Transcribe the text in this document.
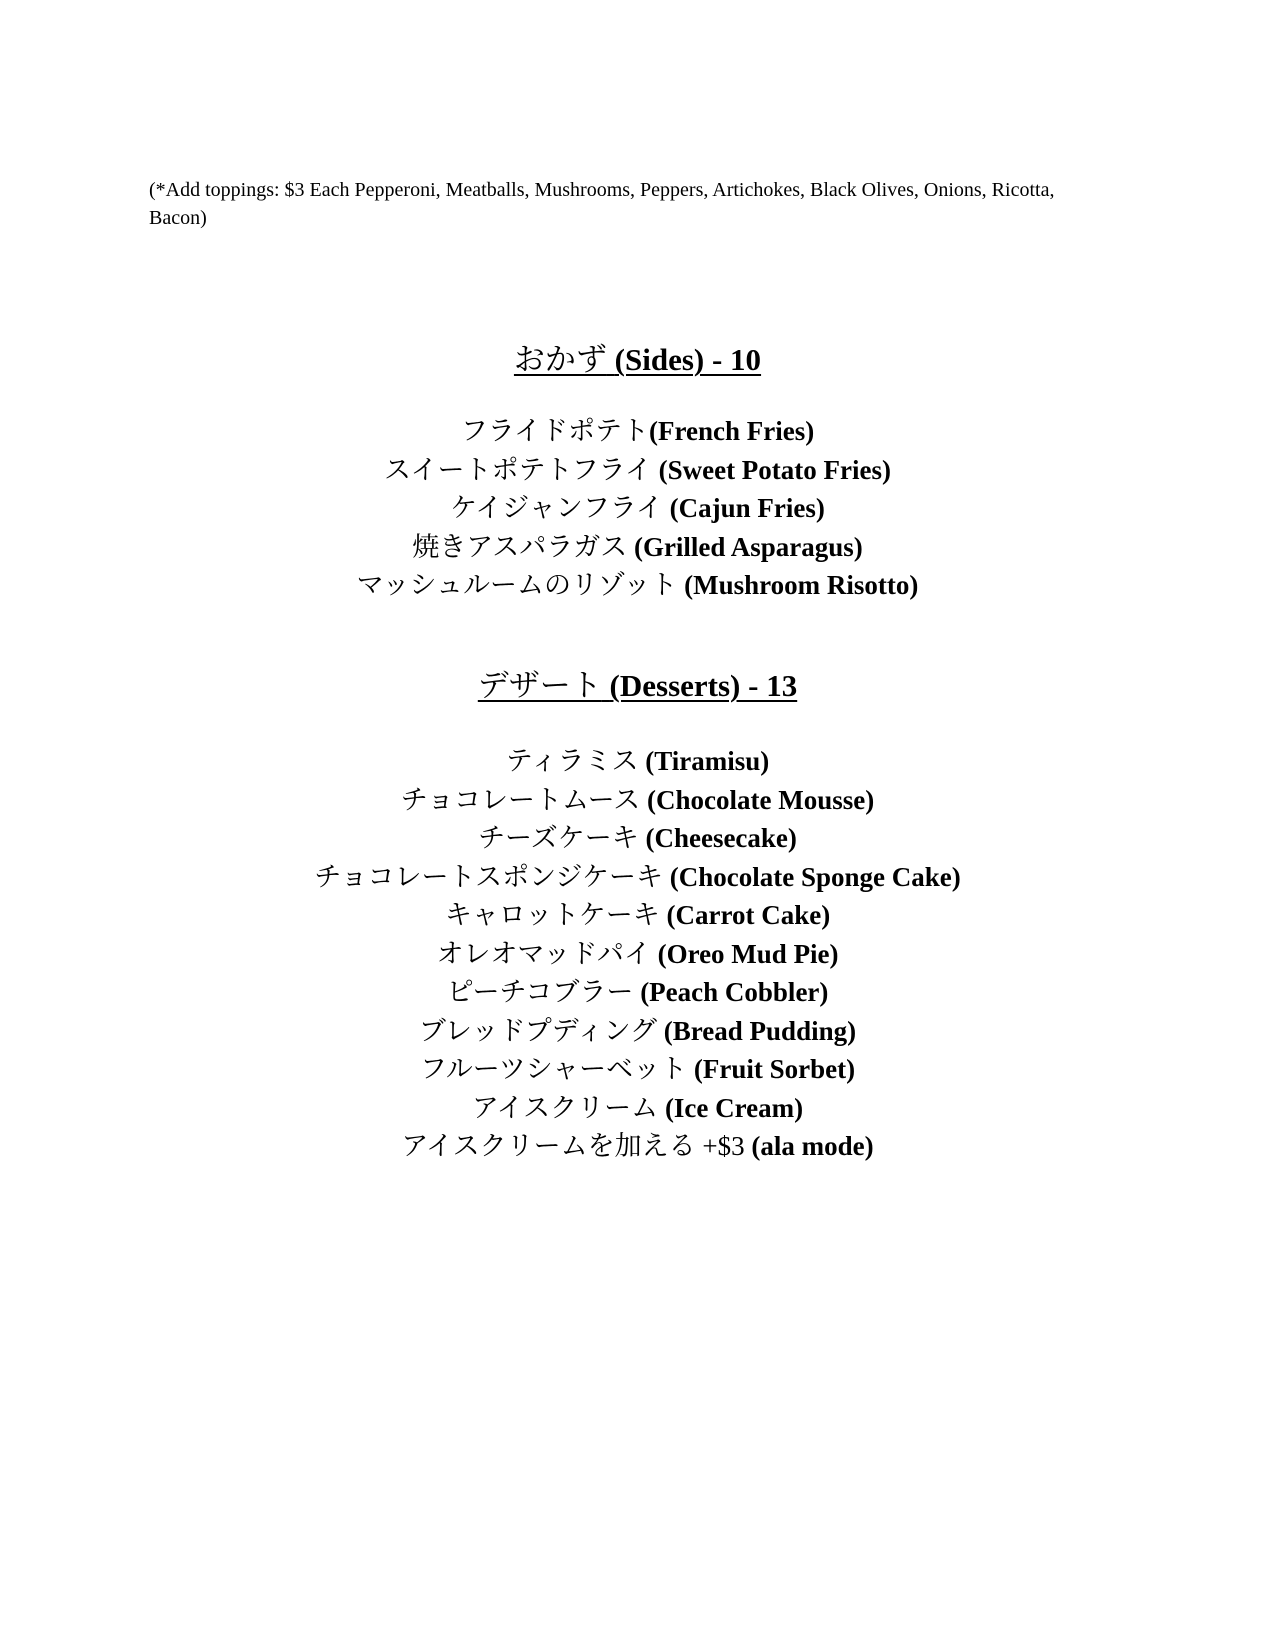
(*Add toppings: $3 Each Pepperoni, Meatballs, Mushrooms, Peppers, Artichokes, Black Olives, Onions, Ricotta, Bacon)

おかず (Sides) - 10
フライドポテト(French Fries)
スイートポテトフライ (Sweet Potato Fries)
ケイジャンフライ (Cajun Fries)
焼きアスパラガス (Grilled Asparagus)
マッシュルームのリゾット (Mushroom Risotto)
デザート (Desserts) - 13
ティラミス (Tiramisu)
チョコレートムース (Chocolate Mousse)
チーズケーキ (Cheesecake)
チョコレートスポンジケーキ (Chocolate Sponge Cake)
キャロットケーキ (Carrot Cake)
オレオマッドパイ (Oreo Mud Pie)
ピーチコブラー (Peach Cobbler)
ブレッドプディング (Bread Pudding)
フルーツシャーベット (Fruit Sorbet)
アイスクリーム (Ice Cream)
アイスクリームを加える +$3 (ala mode)
